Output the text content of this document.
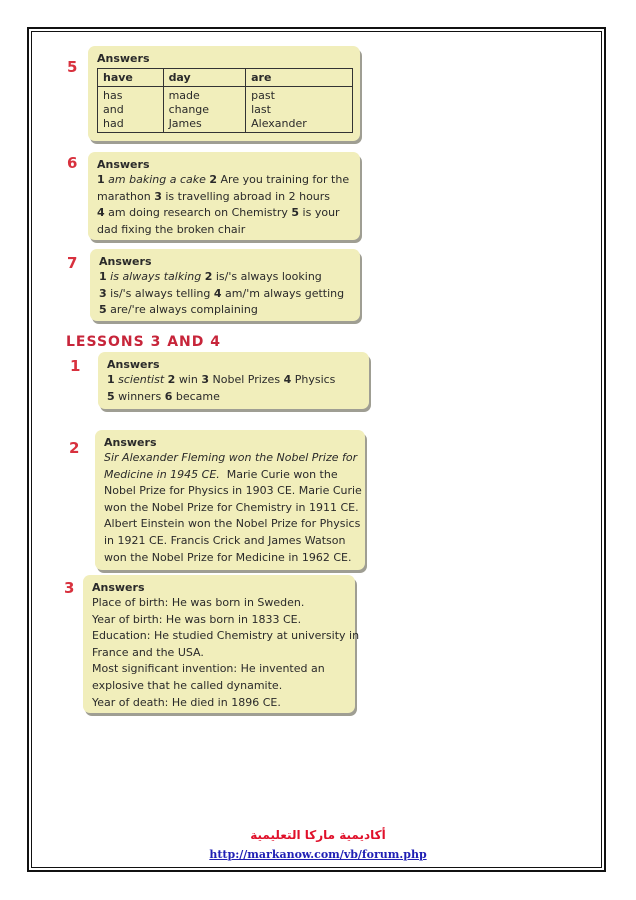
5 Answers
have	day	are
has	made	past
and	change	last
had	James	Alexander
6 Answers
1 am baking a cake 2 Are you training for the
marathon 3 is travelling abroad in 2 hours
4 am doing research on Chemistry 5 is your
dad fixing the broken chair
7 Answers
1 is always talking 2 is/'s always looking
3 is/'s always telling 4 am/'m always getting
5 are/'re always complaining
LESSONS 3 AND 4
1 Answers
1 scientist 2 win 3 Nobel Prizes 4 Physics
5 winners 6 became
2 Answers
Sir Alexander Fleming won the Nobel Prize for
Medicine in 1945 CE.  Marie Curie won the
Nobel Prize for Physics in 1903 CE. Marie Curie
won the Nobel Prize for Chemistry in 1911 CE.
Albert Einstein won the Nobel Prize for Physics
in 1921 CE. Francis Crick and James Watson
won the Nobel Prize for Medicine in 1962 CE.
3 Answers
Place of birth: He was born in Sweden.
Year of birth: He was born in 1833 CE.
Education: He studied Chemistry at university in
France and the USA.
Most significant invention: He invented an
explosive that he called dynamite.
Year of death: He died in 1896 CE.
أكاديمية ماركا التعليمية
http://markanow.com/vb/forum.php
